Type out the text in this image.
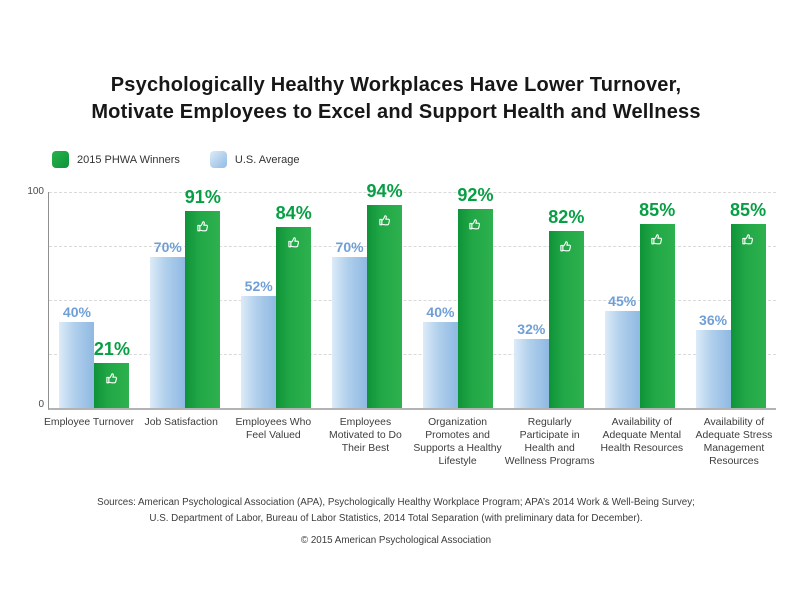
Psychologically Healthy Workplaces Have Lower Turnover,
Motivate Employees to Excel and Support Health and Wellness
2015 PHWA Winners	U.S. Average
100
0
40%
21%
70%
91%
52%
84%
70%
94%
40%
92%
32%
82%
45%
85%
36%
85%
Employee Turnover Job Satisfaction	Employees Who Feel Valued
Employees Motivated to Do Their Best
Organization Promotes and Supports a Healthy Lifestyle
Regularly Participate in Health and Wellness Programs
Availability of Adequate Mental Health Resources
Availability of Adequate Stress Management Resources
Sources: American Psychological Association (APA), Psychologically Healthy Workplace Program; APA’s 2014 Work & Well-Being Survey;
U.S. Department of Labor, Bureau of Labor Statistics, 2014 Total Separation (with preliminary data for December).
© 2015 American Psychological Association
